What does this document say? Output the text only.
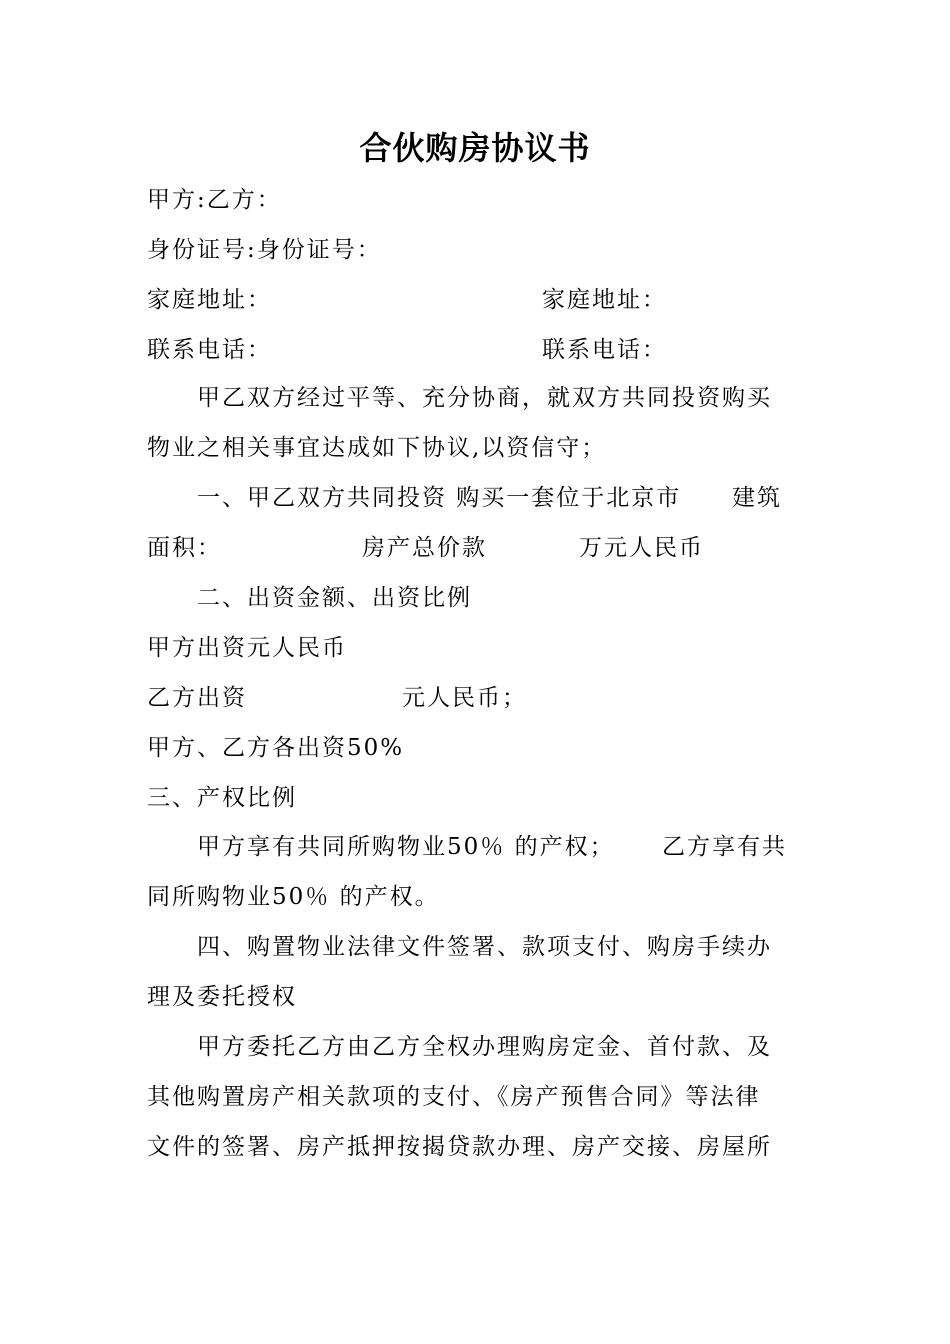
合伙购房协议书
甲方:乙方：
身份证号:身份证号：
家庭地址：	家庭地址：
联系电话：	联系电话：
甲乙双方经过平等、充分协商，就双方共同投资购买
物业之相关事宜达成如下协议,以资信守；
一、甲乙双方共同投资 购买一套位于北京市 建筑
面积：	房产总价款	万元人民币
二、出资金额、出资比例
甲方出资元人民币
乙方出资	元人民币；
甲方、乙方各出资50%
三、产权比例
甲方享有共同所购物业50％ 的产权； 乙方享有共
同所购物业50％ 的产权。
四、购置物业法律文件签署、款项支付、购房手续办
理及委托授权
甲方委托乙方由乙方全权办理购房定金、首付款、及
其他购置房产相关款项的支付、《房产预售合同》等法律
文件的签署、房产抵押按揭贷款办理、房产交接、房屋所
